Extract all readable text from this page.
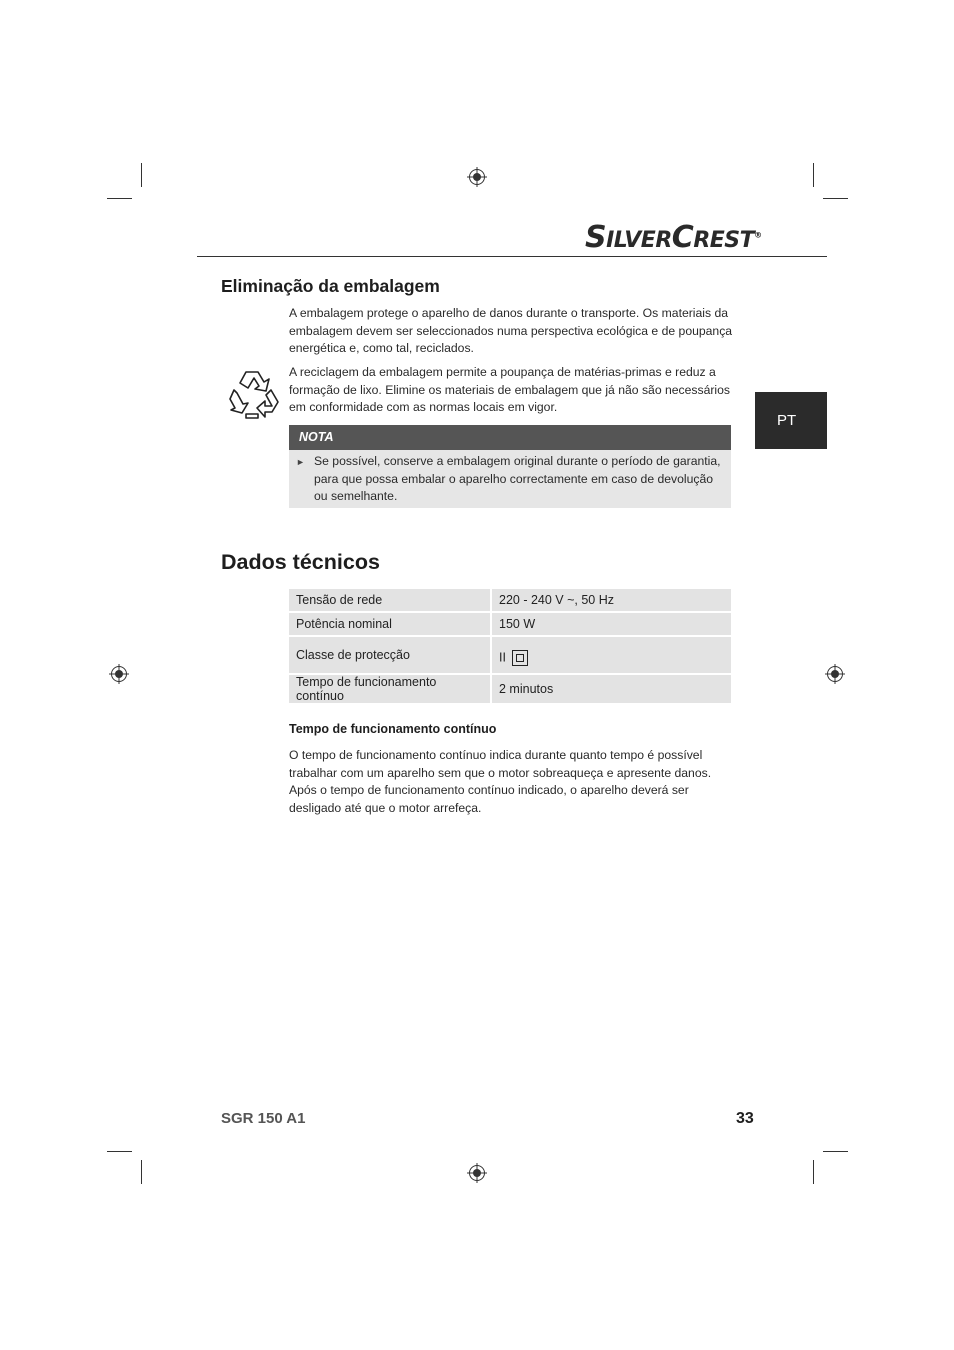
SILVERCREST®
PT
Eliminação da embalagem

A embalagem protege o aparelho de danos durante o transporte. Os materiais da embalagem devem ser seleccionados numa perspectiva ecológica e de poupança energética e, como tal, reciclados.

A reciclagem da embalagem permite a poupança de matérias-primas e reduz a formação de lixo. Elimine os materiais de embalagem que já não são necessários em conformidade com as normas locais em vigor.

NOTA
► Se possível, conserve a embalagem original durante o período de garantia, para que possa embalar o aparelho correctamente em caso de devolução ou semelhante.

Dados técnicos
Tensão de rede	220 - 240 V ~, 50 Hz
Potência nominal	150 W
Classe de protecção	II
Tempo de funcionamento contínuo	2 minutos

Tempo de funcionamento contínuo

O tempo de funcionamento contínuo indica durante quanto tempo é possível trabalhar com um aparelho sem que o motor sobreaqueça e apresente danos. Após o tempo de funcionamento contínuo indicado, o aparelho deverá ser desligado até que o motor arrefeça.

SGR 150 A1	33
